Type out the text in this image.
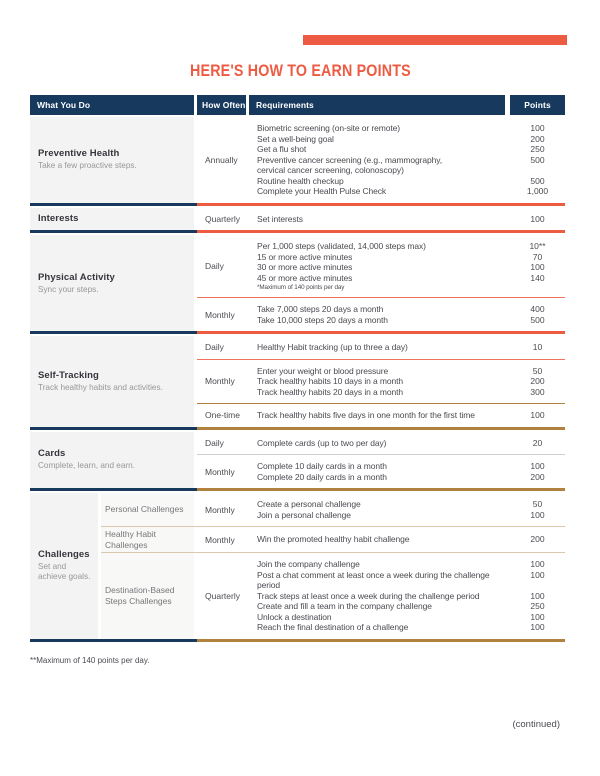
HERE'S HOW TO EARN POINTS
What You Do	How Often	Requirements	Points
Preventive Health
Take a few proactive steps.
Annually
Biometric screening (on-site or remote)	100
Set a well-being goal	200
Get a flu shot	250
Preventive cancer screening (e.g., mammography,	500
cervical cancer screening, colonoscopy)
Routine health checkup	500
Complete your Health Pulse Check	1,000
Interests	Quarterly	Set interests	100
Physical Activity
Sync your steps.
Daily
Per 1,000 steps (validated, 14,000 steps max)	10**
15 or more active minutes	70
30 or more active minutes	100
45 or more active minutes	140
*Maximum of 140 points per day
Monthly
Take 7,000 steps 20 days a month	400
Take 10,000 steps 20 days a month	500
Self-Tracking
Track healthy habits and activities.
Daily	Healthy Habit tracking (up to three a day)	10
Monthly
Enter your weight or blood pressure	50
Track healthy habits 10 days in a month	200
Track healthy habits 20 days in a month	300
One-time	Track healthy habits five days in one month for the first time	100
Cards
Complete, learn, and earn.
Daily	Complete cards (up to two per day)	20
Monthly
Complete 10 daily cards in a month	100
Complete 20 daily cards in a month	200
Challenges
Set and achieve goals.
Personal Challenges	Monthly
Create a personal challenge	50
Join a personal challenge	100
Healthy Habit Challenges	Monthly	Win the promoted healthy habit challenge	200
Destination-Based Steps Challenges	Quarterly
Join the company challenge	100
Post a chat comment at least once a week during the challenge	100
period
Track steps at least once a week during the challenge period	100
Create and fill a team in the company challenge	250
Unlock a destination	100
Reach the final destination of a challenge	100
**Maximum of 140 points per day.
(continued)
